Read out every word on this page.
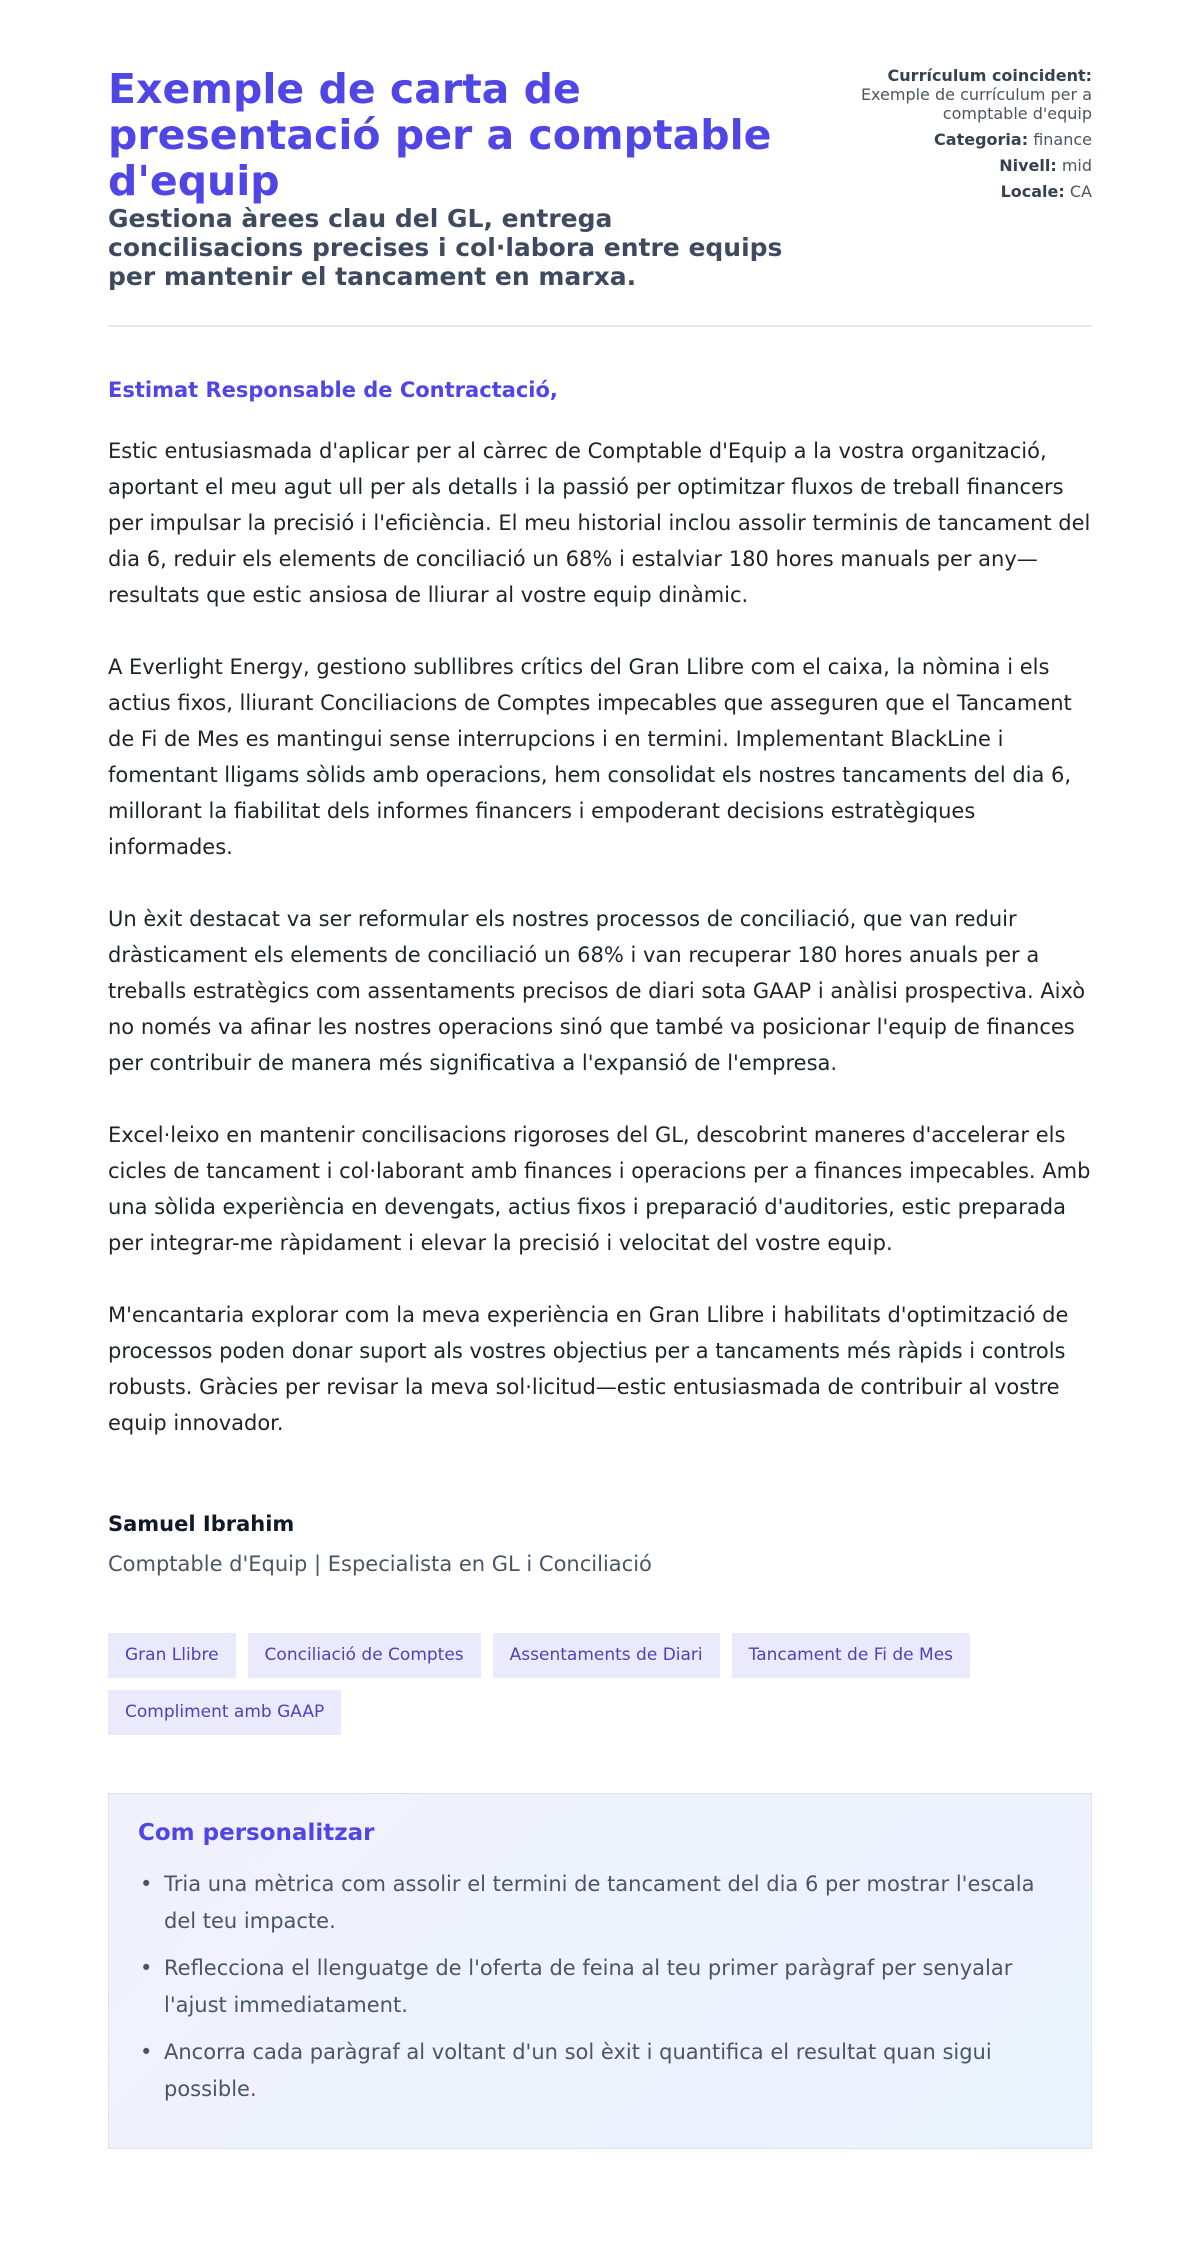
Exemple de carta de presentació per a comptable d'equip
Gestiona àrees clau del GL, entrega concilisacions precises i col·labora entre equips per mantenir el tancament en marxa.
Currículum coincident:
Exemple de currículum per a comptable d'equip
Categoria: finance
Nivell: mid
Locale: CA
Estimat Responsable de Contractació,

Estic entusiasmada d'aplicar per al càrrec de Comptable d'Equip a la vostra organització, aportant el meu agut ull per als detalls i la passió per optimitzar fluxos de treball financers per impulsar la precisió i l'eficiència. El meu historial inclou assolir terminis de tancament del dia 6, reduir els elements de conciliació un 68% i estalviar 180 hores manuals per any—resultats que estic ansiosa de lliurar al vostre equip dinàmic.

A Everlight Energy, gestiono subllibres crítics del Gran Llibre com el caixa, la nòmina i els actius fixos, lliurant Conciliacions de Comptes impecables que asseguren que el Tancament de Fi de Mes es mantingui sense interrupcions i en termini. Implementant BlackLine i fomentant lligams sòlids amb operacions, hem consolidat els nostres tancaments del dia 6, millorant la fiabilitat dels informes financers i empoderant decisions estratègiques informades.

Un èxit destacat va ser reformular els nostres processos de conciliació, que van reduir dràsticament els elements de conciliació un 68% i van recuperar 180 hores anuals per a treballs estratègics com assentaments precisos de diari sota GAAP i anàlisi prospectiva. Això no només va afinar les nostres operacions sinó que també va posicionar l'equip de finances per contribuir de manera més significativa a l'expansió de l'empresa.

Excel·leixo en mantenir concilisacions rigoroses del GL, descobrint maneres d'accelerar els cicles de tancament i col·laborant amb finances i operacions per a finances impecables. Amb una sòlida experiència en devengats, actius fixos i preparació d'auditories, estic preparada per integrar-me ràpidament i elevar la precisió i velocitat del vostre equip.

M'encantaria explorar com la meva experiència en Gran Llibre i habilitats d'optimització de processos poden donar suport als vostres objectius per a tancaments més ràpids i controls robusts. Gràcies per revisar la meva sol·licitud—estic entusiasmada de contribuir al vostre equip innovador.

Samuel Ibrahim
Comptable d'Equip | Especialista en GL i Conciliació
Gran Llibre	Conciliació de Comptes	Assentaments de Diari	Tancament de Fi de Mes
Compliment amb GAAP
Com personalitzar
• Tria una mètrica com assolir el termini de tancament del dia 6 per mostrar l'escala del teu impacte.
• Reflecciona el llenguatge de l'oferta de feina al teu primer paràgraf per senyalar l'ajust immediatament.
• Ancorra cada paràgraf al voltant d'un sol èxit i quantifica el resultat quan sigui possible.
